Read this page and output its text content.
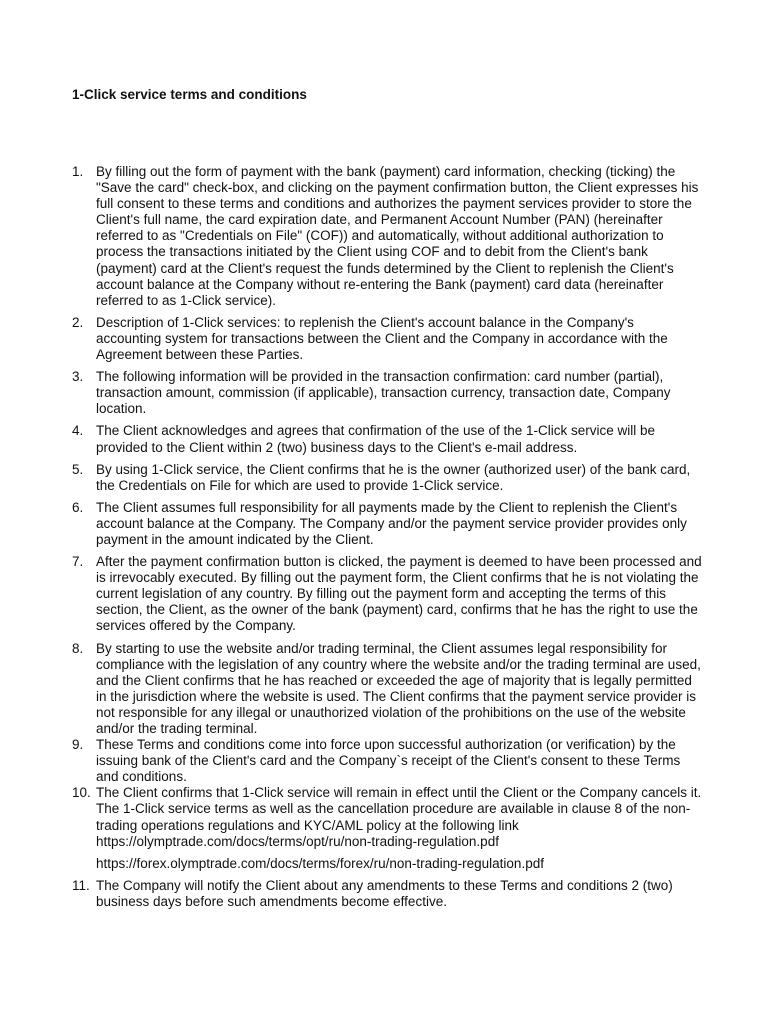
1-Click service terms and conditions
1. By filling out the form of payment with the bank (payment) card information, checking (ticking) the "Save the card" check-box, and clicking on the payment confirmation button, the Client expresses his full consent to these terms and conditions and authorizes the payment services provider to store the Client's full name, the card expiration date, and Permanent Account Number (PAN) (hereinafter referred to as "Credentials on File" (COF)) and automatically, without additional authorization to process the transactions initiated by the Client using COF and to debit from the Client's bank (payment) card at the Client's request the funds determined by the Client to replenish the Client's account balance at the Company without re-entering the Bank (payment) card data (hereinafter referred to as 1-Click service).
2. Description of 1-Click services: to replenish the Client's account balance in the Company's accounting system for transactions between the Client and the Company in accordance with the Agreement between these Parties.
3. The following information will be provided in the transaction confirmation: card number (partial), transaction amount, commission (if applicable), transaction currency, transaction date, Company location.
4. The Client acknowledges and agrees that confirmation of the use of the 1-Click service will be provided to the Client within 2 (two) business days to the Client's e-mail address.
5. By using 1-Click service, the Client confirms that he is the owner (authorized user) of the bank card, the Credentials on File for which are used to provide 1-Click service.
6. The Client assumes full responsibility for all payments made by the Client to replenish the Client's account balance at the Company. The Company and/or the payment service provider provides only payment in the amount indicated by the Client.
7. After the payment confirmation button is clicked, the payment is deemed to have been processed and is irrevocably executed. By filling out the payment form, the Client confirms that he is not violating the current legislation of any country. By filling out the payment form and accepting the terms of this section, the Client, as the owner of the bank (payment) card, confirms that he has the right to use the services offered by the Company.
8. By starting to use the website and/or trading terminal, the Client assumes legal responsibility for compliance with the legislation of any country where the website and/or the trading terminal are used, and the Client confirms that he has reached or exceeded the age of majority that is legally permitted in the jurisdiction where the website is used. The Client confirms that the payment service provider is not responsible for any illegal or unauthorized violation of the prohibitions on the use of the website and/or the trading terminal.
9. These Terms and conditions come into force upon successful authorization (or verification) by the issuing bank of the Client's card and the Company`s receipt of the Client's consent to these Terms and conditions.
10. The Client confirms that 1-Click service will remain in effect until the Client or the Company cancels it. The 1-Click service terms as well as the cancellation procedure are available in clause 8 of the non-trading operations regulations and KYC/AML policy at the following link
https://olymptrade.com/docs/terms/opt/ru/non-trading-regulation.pdf
https://forex.olymptrade.com/docs/terms/forex/ru/non-trading-regulation.pdf
11. The Company will notify the Client about any amendments to these Terms and conditions 2 (two) business days before such amendments become effective.
